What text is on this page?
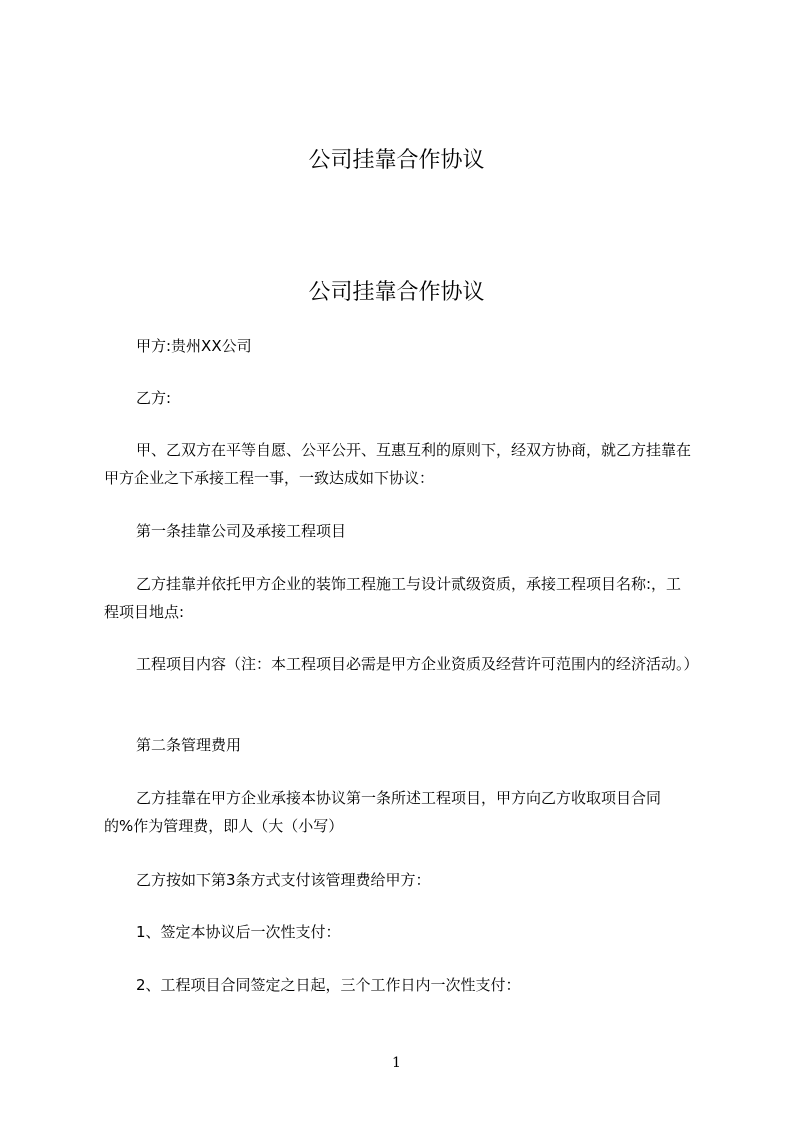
公司挂靠合作协议
公司挂靠合作协议

甲方:贵州XX公司

乙方:

甲、乙双方在平等自愿、公平公开、互惠互利的原则下，经双方协商，就乙方挂靠在甲方企业之下承接工程一事，一致达成如下协议：

第一条挂靠公司及承接工程项目

乙方挂靠并依托甲方企业的装饰工程施工与设计贰级资质，承接工程项目名称:，工程项目地点:

工程项目内容（注：本工程项目必需是甲方企业资质及经营许可范围内的经济活动。）

第二条管理费用

乙方挂靠在甲方企业承接本协议第一条所述工程项目，甲方向乙方收取项目合同的%作为管理费，即人（大（小写）

乙方按如下第3条方式支付该管理费给甲方：

1、签定本协议后一次性支付：

2、工程项目合同签定之日起，三个工作日内一次性支付：

1
